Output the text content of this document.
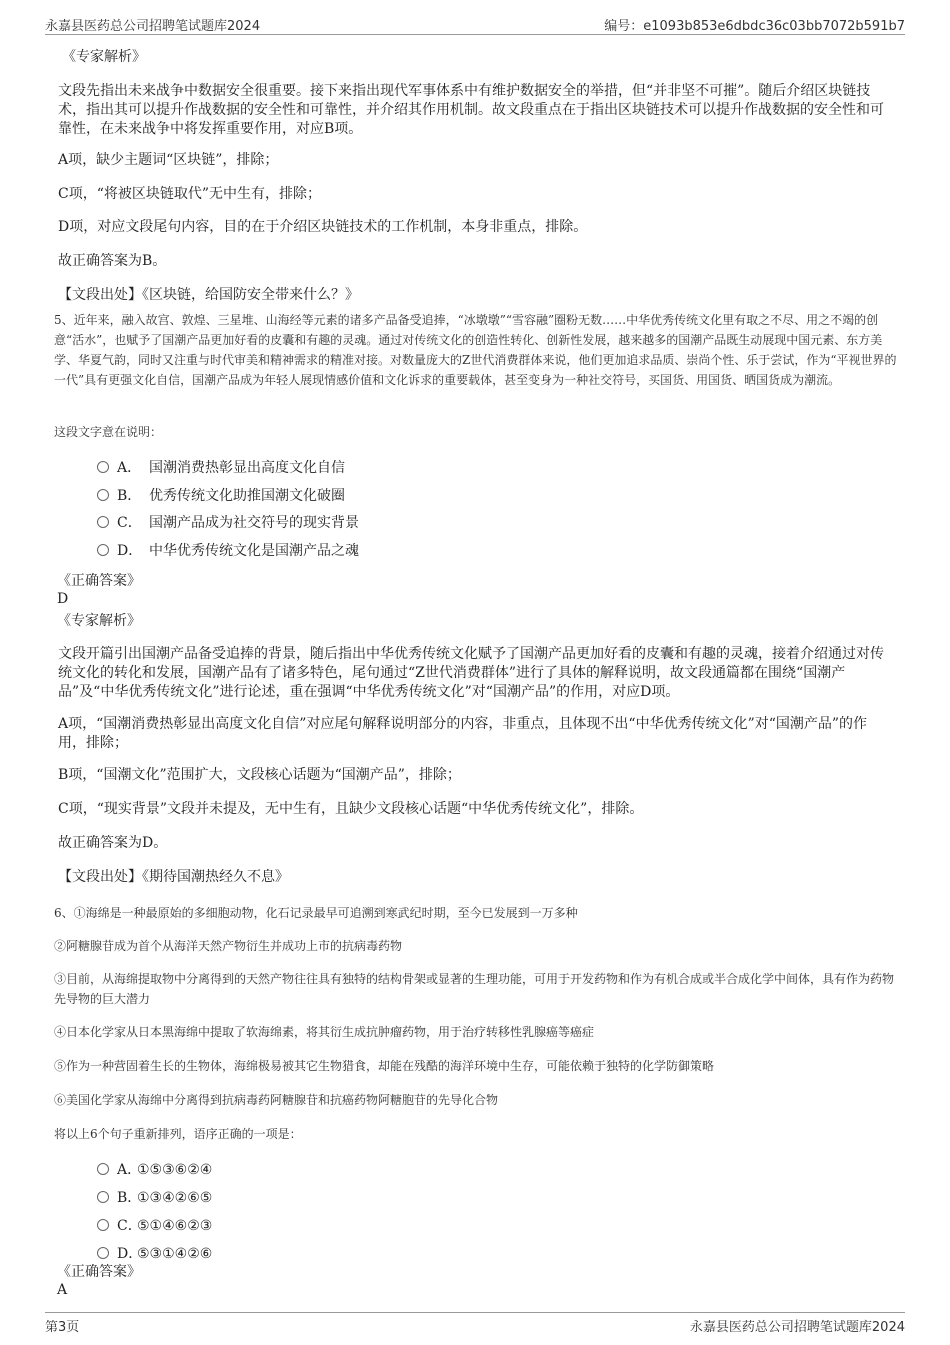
永嘉县医药总公司招聘笔试题库2024	编号：e1093b853e6dbdc36c03bb7072b591b7
《专家解析》
文段先指出未来战争中数据安全很重要。接下来指出现代军事体系中有维护数据安全的举措，但“并非坚不可摧”。随后介绍区块链技术，指出其可以提升作战数据的安全性和可靠性，并介绍其作用机制。故文段重点在于指出区块链技术可以提升作战数据的安全性和可靠性，在未来战争中将发挥重要作用，对应B项。
A项，缺少主题词“区块链”，排除；
C项，“将被区块链取代”无中生有，排除；
D项，对应文段尾句内容，目的在于介绍区块链技术的工作机制，本身非重点，排除。
故正确答案为B。
【文段出处】《区块链，给国防安全带来什么？》
5、近年来，融入故宫、敦煌、三星堆、山海经等元素的诸多产品备受追捧，“冰墩墩”“雪容融”圈粉无数……中华优秀传统文化里有取之不尽、用之不竭的创意“活水”，也赋予了国潮产品更加好看的皮囊和有趣的灵魂。通过对传统文化的创造性转化、创新性发展，越来越多的国潮产品既生动展现中国元素、东方美学、华夏气韵，同时又注重与时代审美和精神需求的精准对接。对数量庞大的Z世代消费群体来说，他们更加追求品质、崇尚个性、乐于尝试，作为“平视世界的一代”具有更强文化自信，国潮产品成为年轻人展现情感价值和文化诉求的重要载体，甚至变身为一种社交符号，买国货、用国货、晒国货成为潮流。
这段文字意在说明：
A． 国潮消费热彰显出高度文化自信
B． 优秀传统文化助推国潮文化破圈
C． 国潮产品成为社交符号的现实背景
D． 中华优秀传统文化是国潮产品之魂
《正确答案》
D
《专家解析》
文段开篇引出国潮产品备受追捧的背景，随后指出中华优秀传统文化赋予了国潮产品更加好看的皮囊和有趣的灵魂，接着介绍通过对传统文化的转化和发展，国潮产品有了诸多特色，尾句通过“Z世代消费群体”进行了具体的解释说明，故文段通篇都在围绕“国潮产品”及“中华优秀传统文化”进行论述，重在强调“中华优秀传统文化”对“国潮产品”的作用，对应D项。
A项，“国潮消费热彰显出高度文化自信”对应尾句解释说明部分的内容，非重点，且体现不出“中华优秀传统文化”对“国潮产品”的作用，排除；
B项，“国潮文化”范围扩大，文段核心话题为“国潮产品”，排除；
C项，“现实背景”文段并未提及，无中生有，且缺少文段核心话题“中华优秀传统文化”，排除。
故正确答案为D。
【文段出处】《期待国潮热经久不息》
6、①海绵是一种最原始的多细胞动物，化石记录最早可追溯到寒武纪时期，至今已发展到一万多种
②阿糖腺苷成为首个从海洋天然产物衍生并成功上市的抗病毒药物
③目前，从海绵提取物中分离得到的天然产物往往具有独特的结构骨架或显著的生理功能，可用于开发药物和作为有机合成或半合成化学中间体，具有作为药物先导物的巨大潜力
④日本化学家从日本黑海绵中提取了软海绵素，将其衍生成抗肿瘤药物，用于治疗转移性乳腺癌等癌症
⑤作为一种营固着生长的生物体，海绵极易被其它生物猎食，却能在残酷的海洋环境中生存，可能依赖于独特的化学防御策略
⑥美国化学家从海绵中分离得到抗病毒药阿糖腺苷和抗癌药物阿糖胞苷的先导化合物
将以上6个句子重新排列，语序正确的一项是：
A．①⑤③⑥②④
B．①③④②⑥⑤
C．⑤①④⑥②③
D．⑤③①④②⑥
《正确答案》
A
第3页	永嘉县医药总公司招聘笔试题库2024
